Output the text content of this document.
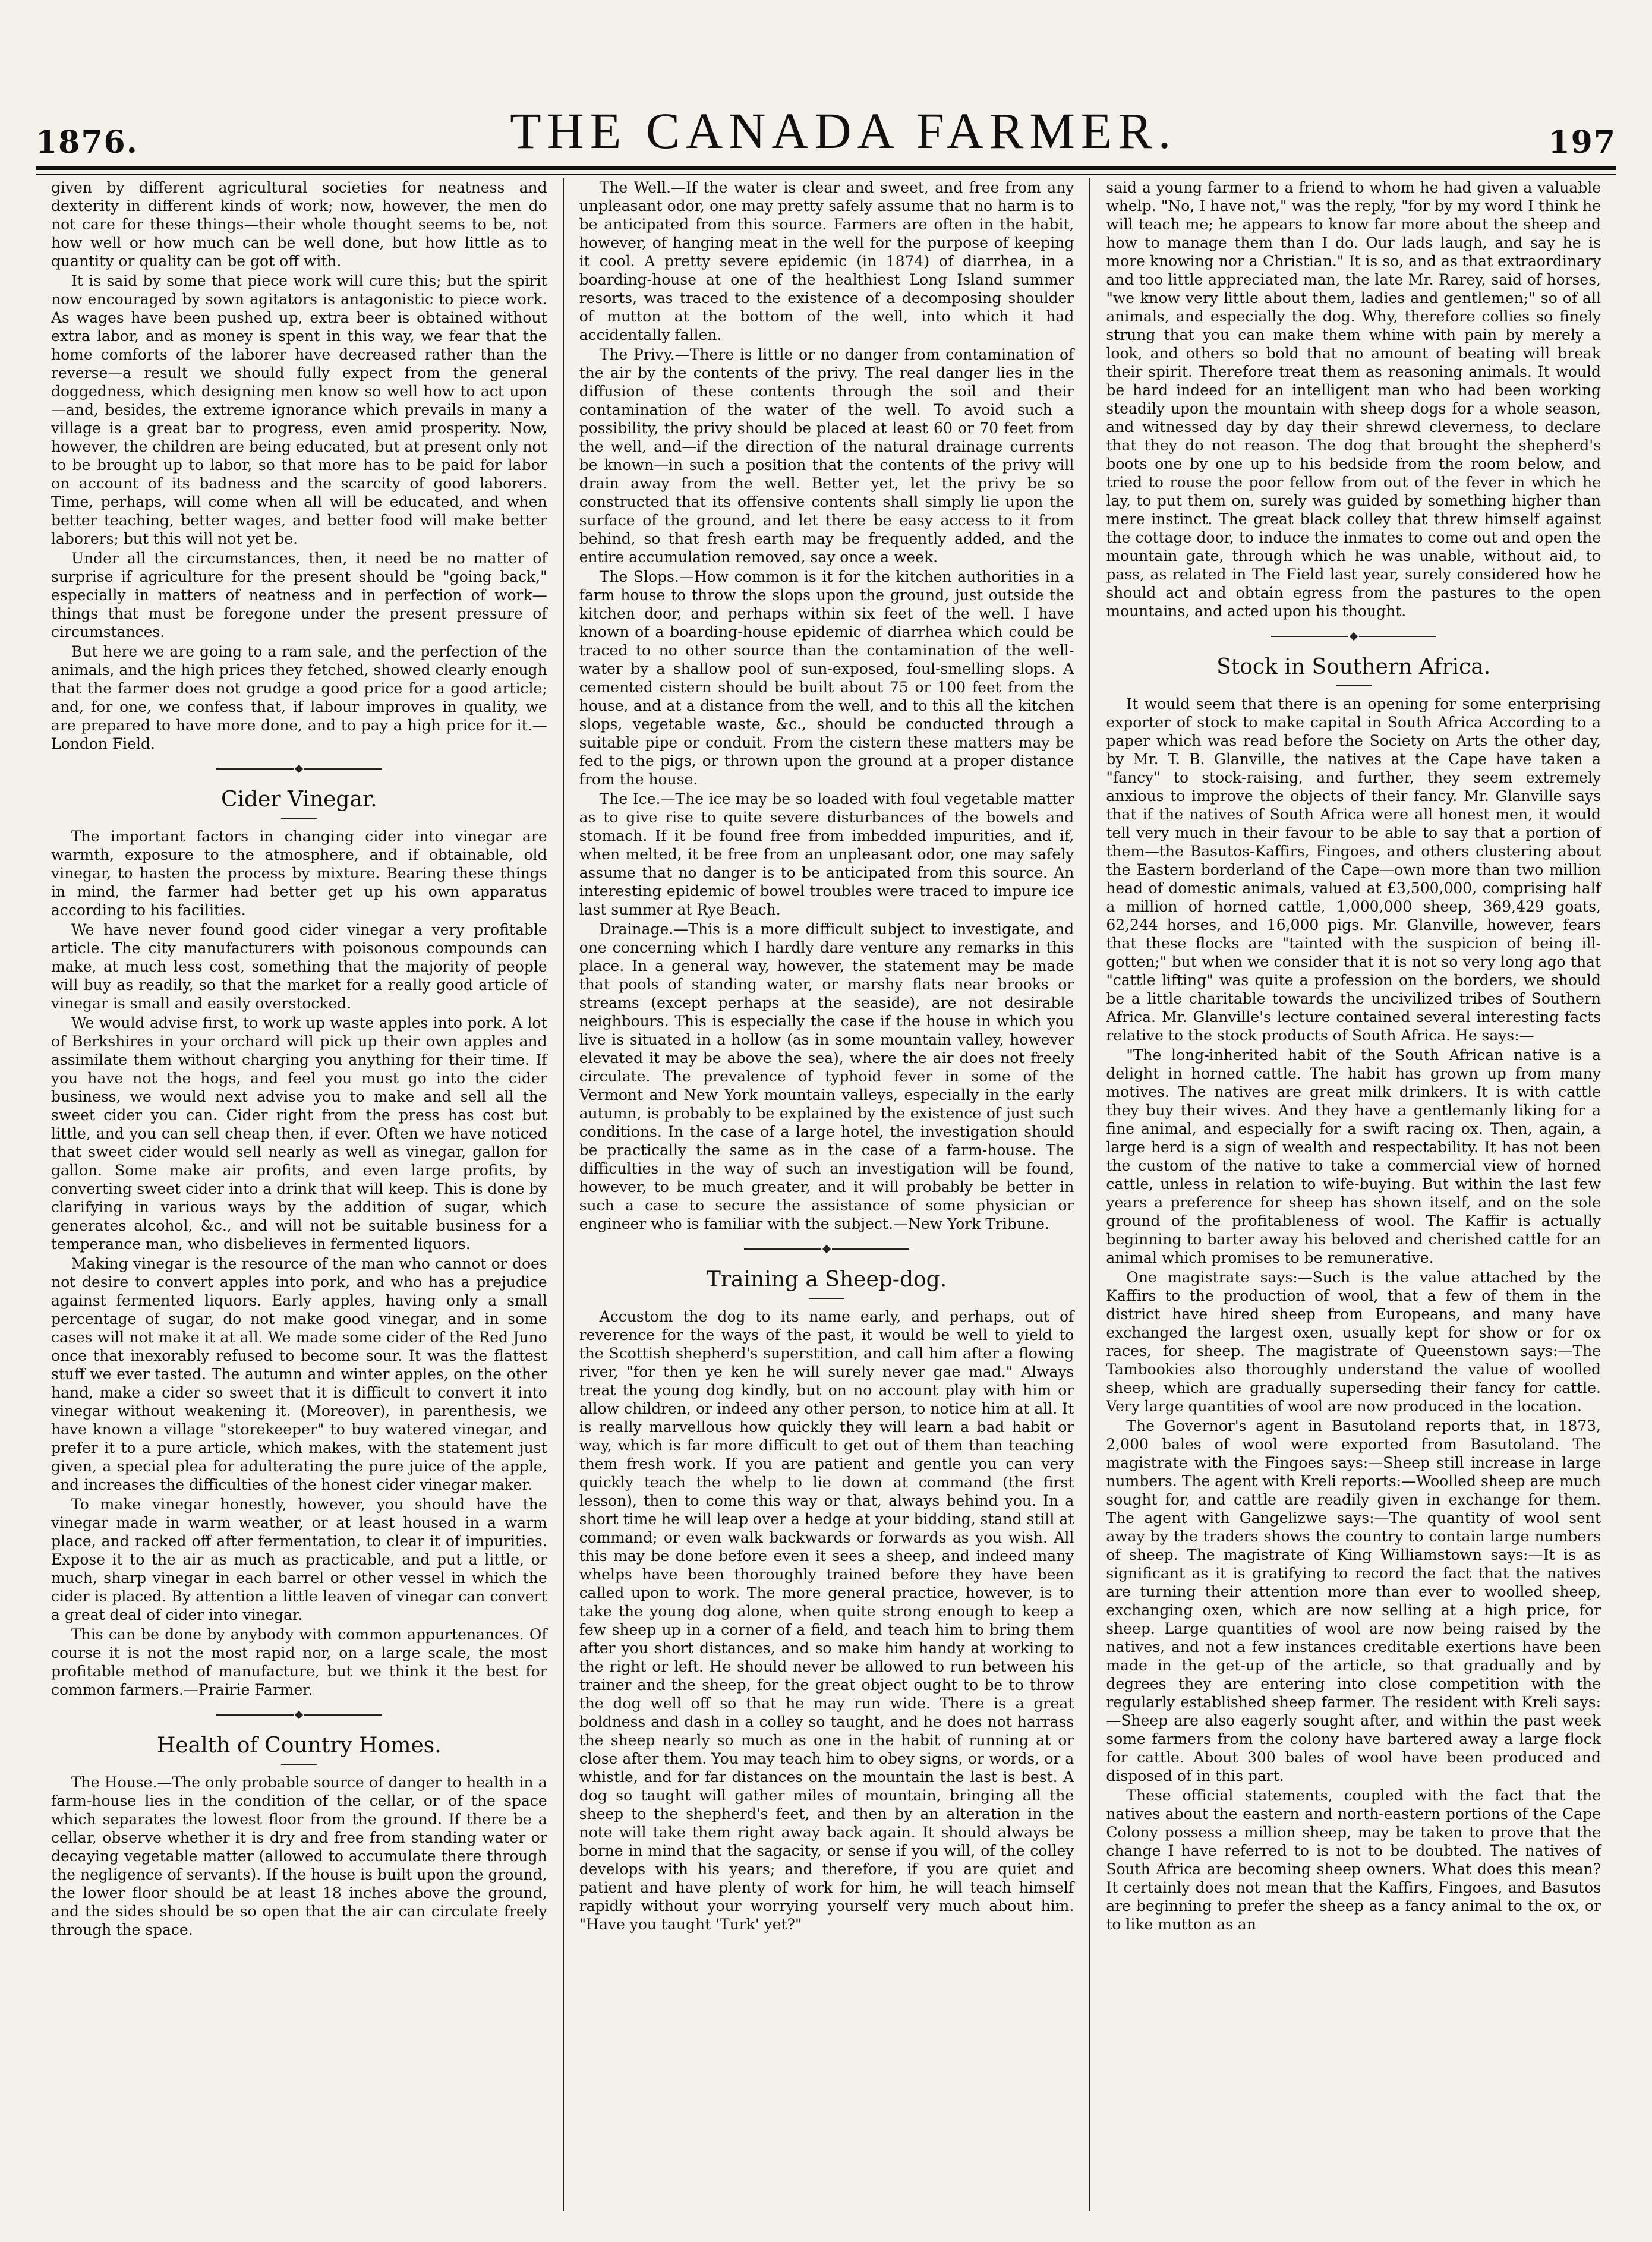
1876.	THE CANADA FARMER.	197

given by different agricultural societies for neatness and dexterity in different kinds of work; now, however, the men do not care for these things—their whole thought seems to be, not how well or how much can be well done, but how little as to quantity or quality can be got off with.

It is said by some that piece work will cure this; but the spirit now encouraged by sown agitators is antagonistic to piece work. As wages have been pushed up, extra beer is obtained without extra labor, and as money is spent in this way, we fear that the home comforts of the laborer have decreased rather than the reverse—a result we should fully expect from the general doggedness, which designing men know so well how to act upon—and, besides, the extreme ignorance which prevails in many a village is a great bar to progress, even amid prosperity. Now, however, the children are being educated, but at present only not to be brought up to labor, so that more has to be paid for labor on account of its badness and the scarcity of good laborers. Time, perhaps, will come when all will be educated, and when better teaching, better wages, and better food will make better laborers; but this will not yet be.

Under all the circumstances, then, it need be no matter of surprise if agriculture for the present should be "going back," especially in matters of neatness and in perfection of work—things that must be foregone under the present pressure of circumstances.

But here we are going to a ram sale, and the perfection of the animals, and the high prices they fetched, showed clearly enough that the farmer does not grudge a good price for a good article; and, for one, we confess that, if labour improves in quality, we are prepared to have more done, and to pay a high price for it.—London Field.

Cider Vinegar.

The important factors in changing cider into vinegar are warmth, exposure to the atmosphere, and if obtainable, old vinegar, to hasten the process by mixture. Bearing these things in mind, the farmer had better get up his own apparatus according to his facilities.

We have never found good cider vinegar a very profitable article. The city manufacturers with poisonous compounds can make, at much less cost, something that the majority of people will buy as readily, so that the market for a really good article of vinegar is small and easily overstocked.

We would advise first, to work up waste apples into pork. A lot of Berkshires in your orchard will pick up their own apples and assimilate them without charging you anything for their time. If you have not the hogs, and feel you must go into the cider business, we would next advise you to make and sell all the sweet cider you can. Cider right from the press has cost but little, and you can sell cheap then, if ever. Often we have noticed that sweet cider would sell nearly as well as vinegar, gallon for gallon. Some make air profits, and even large profits, by converting sweet cider into a drink that will keep. This is done by clarifying in various ways by the addition of sugar, which generates alcohol, &c., and will not be suitable business for a temperance man, who disbelieves in fermented liquors.

Making vinegar is the resource of the man who cannot or does not desire to convert apples into pork, and who has a prejudice against fermented liquors. Early apples, having only a small percentage of sugar, do not make good vinegar, and in some cases will not make it at all. We made some cider of the Red Juno once that inexorably refused to become sour. It was the flattest stuff we ever tasted. The autumn and winter apples, on the other hand, make a cider so sweet that it is difficult to convert it into vinegar without weakening it. (Moreover), in parenthesis, we have known a village "storekeeper" to buy watered vinegar, and prefer it to a pure article, which makes, with the statement just given, a special plea for adulterating the pure juice of the apple, and increases the difficulties of the honest cider vinegar maker.

To make vinegar honestly, however, you should have the vinegar made in warm weather, or at least housed in a warm place, and racked off after fermentation, to clear it of impurities. Expose it to the air as much as practicable, and put a little, or much, sharp vinegar in each barrel or other vessel in which the cider is placed. By attention a little leaven of vinegar can convert a great deal of cider into vinegar.

This can be done by anybody with common appurtenances. Of course it is not the most rapid nor, on a large scale, the most profitable method of manufacture, but we think it the best for common farmers.—Prairie Farmer.

Health of Country Homes.

The House.—The only probable source of danger to health in a farm-house lies in the condition of the cellar, or of the space which separates the lowest floor from the ground. If there be a cellar, observe whether it is dry and free from standing water or decaying vegetable matter (allowed to accumulate there through the negligence of servants). If the house is built upon the ground, the lower floor should be at least 18 inches above the ground, and the sides should be so open that the air can circulate freely through the space.

The Well.—If the water is clear and sweet, and free from any unpleasant odor, one may pretty safely assume that no harm is to be anticipated from this source. Farmers are often in the habit, however, of hanging meat in the well for the purpose of keeping it cool. A pretty severe epidemic (in 1874) of diarrhea, in a boarding-house at one of the healthiest Long Island summer resorts, was traced to the existence of a decomposing shoulder of mutton at the bottom of the well, into which it had accidentally fallen.

The Privy.—There is little or no danger from contamination of the air by the contents of the privy. The real danger lies in the diffusion of these contents through the soil and their contamination of the water of the well. To avoid such a possibility, the privy should be placed at least 60 or 70 feet from the well, and—if the direction of the natural drainage currents be known—in such a position that the contents of the privy will drain away from the well. Better yet, let the privy be so constructed that its offensive contents shall simply lie upon the surface of the ground, and let there be easy access to it from behind, so that fresh earth may be frequently added, and the entire accumulation removed, say once a week.

The Slops.—How common is it for the kitchen authorities in a farm house to throw the slops upon the ground, just outside the kitchen door, and perhaps within six feet of the well. I have known of a boarding-house epidemic of diarrhea which could be traced to no other source than the contamination of the well-water by a shallow pool of sun-exposed, foul-smelling slops. A cemented cistern should be built about 75 or 100 feet from the house, and at a distance from the well, and to this all the kitchen slops, vegetable waste, &c., should be conducted through a suitable pipe or conduit. From the cistern these matters may be fed to the pigs, or thrown upon the ground at a proper distance from the house.

The Ice.—The ice may be so loaded with foul vegetable matter as to give rise to quite severe disturbances of the bowels and stomach. If it be found free from imbedded impurities, and if, when melted, it be free from an unpleasant odor, one may safely assume that no danger is to be anticipated from this source. An interesting epidemic of bowel troubles were traced to impure ice last summer at Rye Beach.

Drainage.—This is a more difficult subject to investigate, and one concerning which I hardly dare venture any remarks in this place. In a general way, however, the statement may be made that pools of standing water, or marshy flats near brooks or streams (except perhaps at the seaside), are not desirable neighbours. This is especially the case if the house in which you live is situated in a hollow (as in some mountain valley, however elevated it may be above the sea), where the air does not freely circulate. The prevalence of typhoid fever in some of the Vermont and New York mountain valleys, especially in the early autumn, is probably to be explained by the existence of just such conditions. In the case of a large hotel, the investigation should be practically the same as in the case of a farm-house. The difficulties in the way of such an investigation will be found, however, to be much greater, and it will probably be better in such a case to secure the assistance of some physician or engineer who is familiar with the subject.—New York Tribune.

Training a Sheep-dog.

Accustom the dog to its name early, and perhaps, out of reverence for the ways of the past, it would be well to yield to the Scottish shepherd's superstition, and call him after a flowing river, "for then ye ken he will surely never gae mad." Always treat the young dog kindly, but on no account play with him or allow children, or indeed any other person, to notice him at all. It is really marvellous how quickly they will learn a bad habit or way, which is far more difficult to get out of them than teaching them fresh work. If you are patient and gentle you can very quickly teach the whelp to lie down at command (the first lesson), then to come this way or that, always behind you. In a short time he will leap over a hedge at your bidding, stand still at command; or even walk backwards or forwards as you wish. All this may be done before even it sees a sheep, and indeed many whelps have been thoroughly trained before they have been called upon to work. The more general practice, however, is to take the young dog alone, when quite strong enough to keep a few sheep up in a corner of a field, and teach him to bring them after you short distances, and so make him handy at working to the right or left. He should never be allowed to run between his trainer and the sheep, for the great object ought to be to throw the dog well off so that he may run wide. There is a great boldness and dash in a colley so taught, and he does not harrass the sheep nearly so much as one in the habit of running at or close after them. You may teach him to obey signs, or words, or a whistle, and for far distances on the mountain the last is best. A dog so taught will gather miles of mountain, bringing all the sheep to the shepherd's feet, and then by an alteration in the note will take them right away back again. It should always be borne in mind that the sagacity, or sense if you will, of the colley develops with his years; and therefore, if you are quiet and patient and have plenty of work for him, he will teach himself rapidly without your worrying yourself very much about him. "Have you taught 'Turk' yet?"

said a young farmer to a friend to whom he had given a valuable whelp. "No, I have not," was the reply, "for by my word I think he will teach me; he appears to know far more about the sheep and how to manage them than I do. Our lads laugh, and say he is more knowing nor a Christian." It is so, and as that extraordinary and too little appreciated man, the late Mr. Rarey, said of horses, "we know very little about them, ladies and gentlemen;" so of all animals, and especially the dog. Why, therefore collies so finely strung that you can make them whine with pain by merely a look, and others so bold that no amount of beating will break their spirit. Therefore treat them as reasoning animals. It would be hard indeed for an intelligent man who had been working steadily upon the mountain with sheep dogs for a whole season, and witnessed day by day their shrewd cleverness, to declare that they do not reason. The dog that brought the shepherd's boots one by one up to his bedside from the room below, and tried to rouse the poor fellow from out of the fever in which he lay, to put them on, surely was guided by something higher than mere instinct. The great black colley that threw himself against the cottage door, to induce the inmates to come out and open the mountain gate, through which he was unable, without aid, to pass, as related in The Field last year, surely considered how he should act and obtain egress from the pastures to the open mountains, and acted upon his thought.

Stock in Southern Africa.

It would seem that there is an opening for some enterprising exporter of stock to make capital in South Africa According to a paper which was read before the Society on Arts the other day, by Mr. T. B. Glanville, the natives at the Cape have taken a "fancy" to stock-raising, and further, they seem extremely anxious to improve the objects of their fancy. Mr. Glanville says that if the natives of South Africa were all honest men, it would tell very much in their favour to be able to say that a portion of them—the Basutos-Kaffirs, Fingoes, and others clustering about the Eastern borderland of the Cape—own more than two million head of domestic animals, valued at £3,500,000, comprising half a million of horned cattle, 1,000,000 sheep, 369,429 goats, 62,244 horses, and 16,000 pigs. Mr. Glanville, however, fears that these flocks are "tainted with the suspicion of being ill-gotten;" but when we consider that it is not so very long ago that "cattle lifting" was quite a profession on the borders, we should be a little charitable towards the uncivilized tribes of Southern Africa. Mr. Glanville's lecture contained several interesting facts relative to the stock products of South Africa. He says:—

"The long-inherited habit of the South African native is a delight in horned cattle. The habit has grown up from many motives. The natives are great milk drinkers. It is with cattle they buy their wives. And they have a gentlemanly liking for a fine animal, and especially for a swift racing ox. Then, again, a large herd is a sign of wealth and respectability. It has not been the custom of the native to take a commercial view of horned cattle, unless in relation to wife-buying. But within the last few years a preference for sheep has shown itself, and on the sole ground of the profitableness of wool. The Kaffir is actually beginning to barter away his beloved and cherished cattle for an animal which promises to be remunerative.

One magistrate says:—Such is the value attached by the Kaffirs to the production of wool, that a few of them in the district have hired sheep from Europeans, and many have exchanged the largest oxen, usually kept for show or for ox races, for sheep. The magistrate of Queenstown says:—The Tambookies also thoroughly understand the value of woolled sheep, which are gradually superseding their fancy for cattle. Very large quantities of wool are now produced in the location.

The Governor's agent in Basutoland reports that, in 1873, 2,000 bales of wool were exported from Basutoland. The magistrate with the Fingoes says:—Sheep still increase in large numbers. The agent with Kreli reports:—Woolled sheep are much sought for, and cattle are readily given in exchange for them. The agent with Gangelizwe says:—The quantity of wool sent away by the traders shows the country to contain large numbers of sheep. The magistrate of King Williamstown says:—It is as significant as it is gratifying to record the fact that the natives are turning their attention more than ever to woolled sheep, exchanging oxen, which are now selling at a high price, for sheep. Large quantities of wool are now being raised by the natives, and not a few instances creditable exertions have been made in the get-up of the article, so that gradually and by degrees they are entering into close competition with the regularly established sheep farmer. The resident with Kreli says:—Sheep are also eagerly sought after, and within the past week some farmers from the colony have bartered away a large flock for cattle. About 300 bales of wool have been produced and disposed of in this part.

These official statements, coupled with the fact that the natives about the eastern and north-eastern portions of the Cape Colony possess a million sheep, may be taken to prove that the change I have referred to is not to be doubted. The natives of South Africa are becoming sheep owners. What does this mean? It certainly does not mean that the Kaffirs, Fingoes, and Basutos are beginning to prefer the sheep as a fancy animal to the ox, or to like mutton as an
